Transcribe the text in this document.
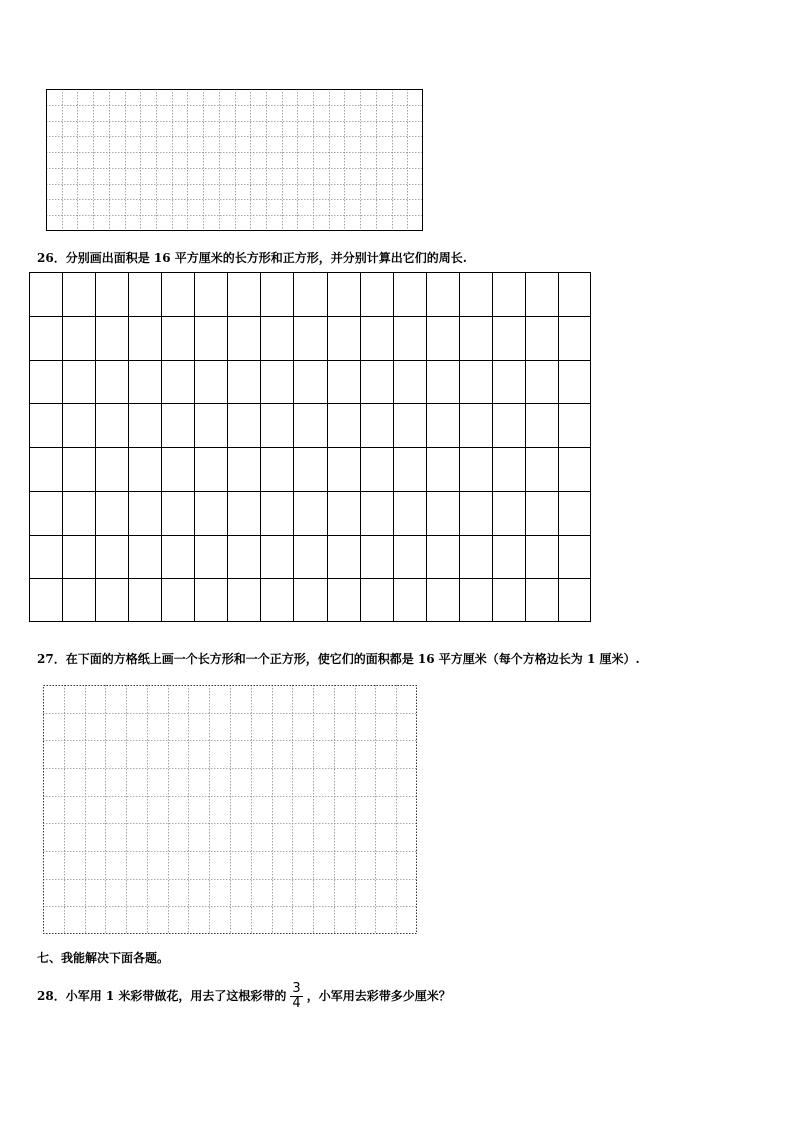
26．分别画出面积是 16 平方厘米的长方形和正方形，并分别计算出它们的周长.
27．在下面的方格纸上画一个长方形和一个正方形，使它们的面积都是 16 平方厘米（每个方格边长为 1 厘米）.
七、我能解决下面各题。
28．小军用 1 米彩带做花，用去了这根彩带的 $\frac{3}{4}$ ，小军用去彩带多少厘米？
